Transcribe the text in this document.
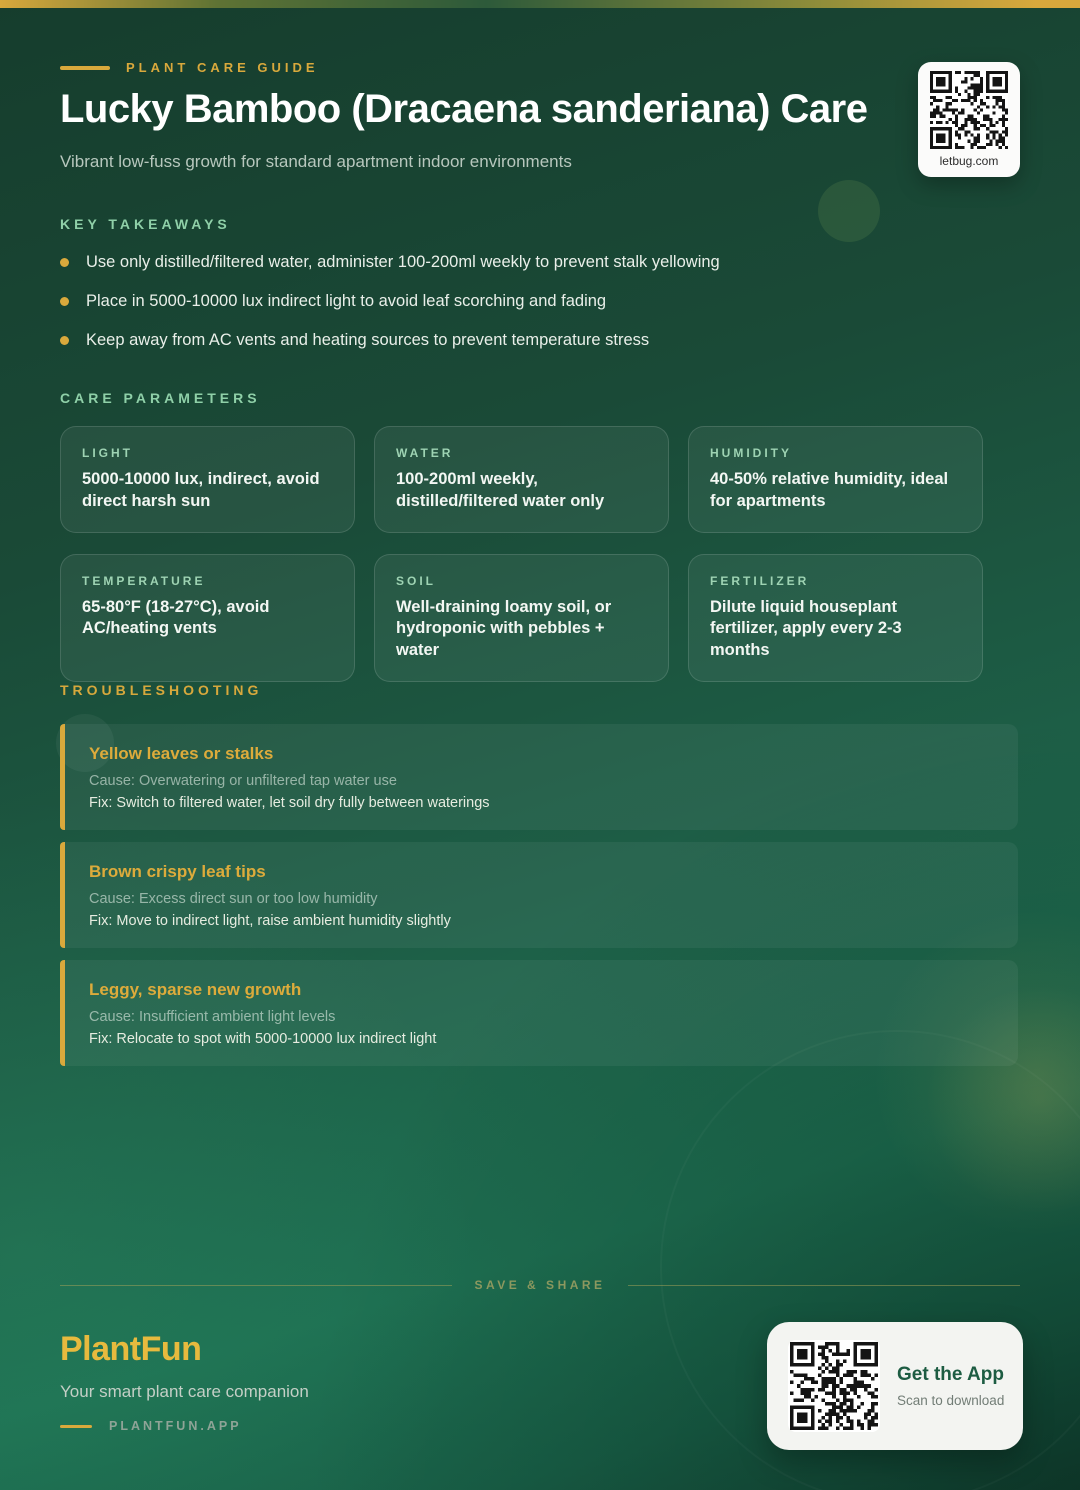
PLANT CARE GUIDE
Lucky Bamboo (Dracaena sanderiana) Care
Vibrant low-fuss growth for standard apartment indoor environments	letbug.com
KEY TAKEAWAYS
Use only distilled/filtered water, administer 100-200ml weekly to prevent stalk yellowing
Place in 5000-10000 lux indirect light to avoid leaf scorching and fading
Keep away from AC vents and heating sources to prevent temperature stress
CARE PARAMETERS
LIGHT
5000-10000 lux, indirect, avoid direct harsh sun
WATER
100-200ml weekly, distilled/filtered water only
HUMIDITY
40-50% relative humidity, ideal for apartments
TEMPERATURE
65-80°F (18-27°C), avoid AC/heating vents
SOIL
Well-draining loamy soil, or hydroponic with pebbles + water
FERTILIZER
Dilute liquid houseplant fertilizer, apply every 2-3 months
TROUBLESHOOTING
Yellow leaves or stalks
Cause: Overwatering or unfiltered tap water use
Fix: Switch to filtered water, let soil dry fully between waterings
Brown crispy leaf tips
Cause: Excess direct sun or too low humidity
Fix: Move to indirect light, raise ambient humidity slightly
Leggy, sparse new growth
Cause: Insufficient ambient light levels
Fix: Relocate to spot with 5000-10000 lux indirect light
SAVE & SHARE
PlantFun
Your smart plant care companion
PLANTFUN.APP
Get the App
Scan to download
